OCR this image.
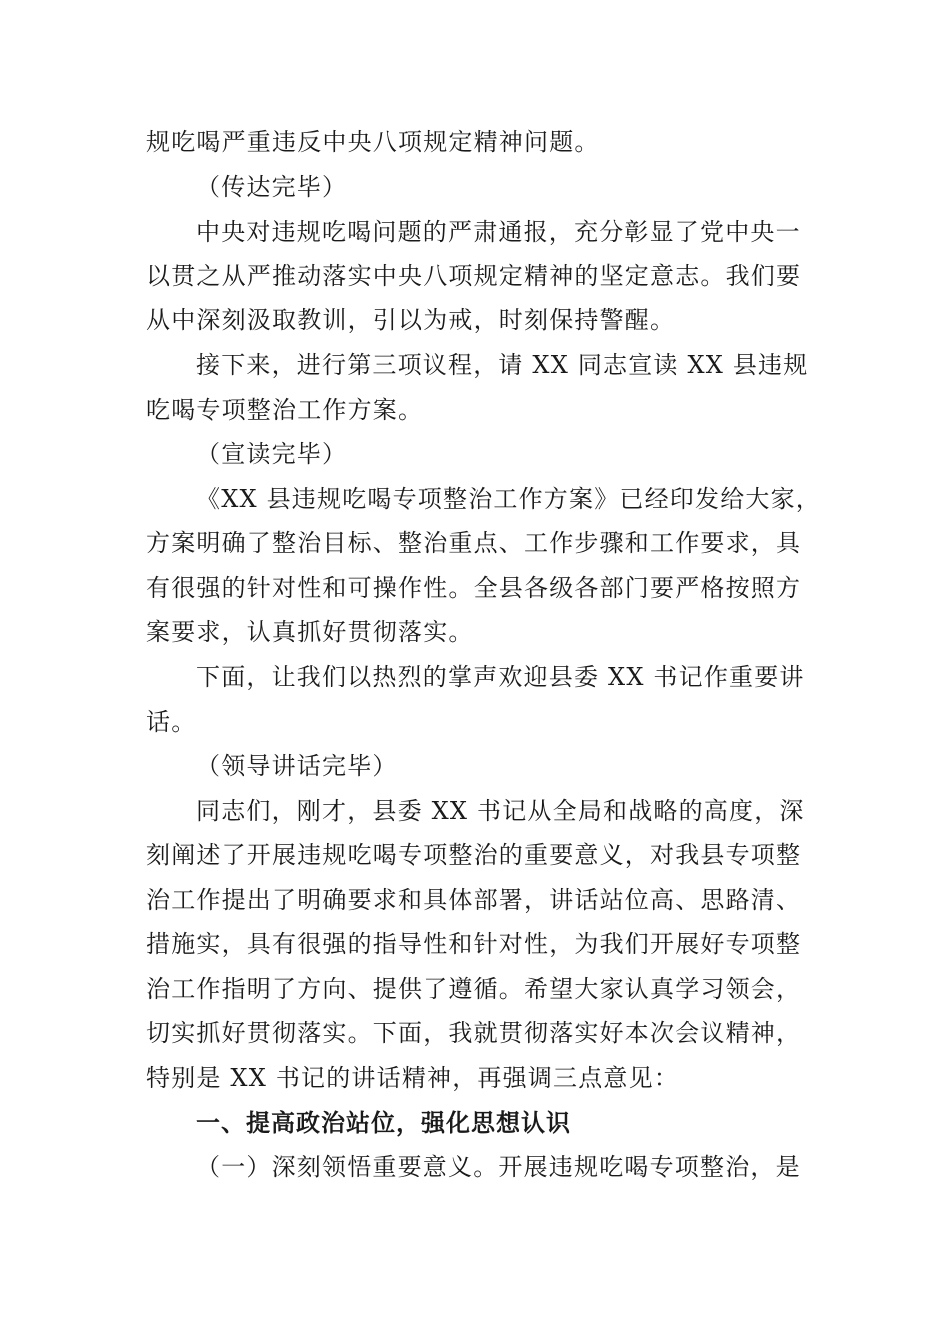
规吃喝严重违反中央八项规定精神问题。
（传达完毕）
中央对违规吃喝问题的严肃通报，充分彰显了党中央一
以贯之从严推动落实中央八项规定精神的坚定意志。我们要
从中深刻汲取教训，引以为戒，时刻保持警醒。
接下来，进行第三项议程，请 XX 同志宣读 XX 县违规
吃喝专项整治工作方案。
（宣读完毕）
《XX 县违规吃喝专项整治工作方案》已经印发给大家，
方案明确了整治目标、整治重点、工作步骤和工作要求，具
有很强的针对性和可操作性。全县各级各部门要严格按照方
案要求，认真抓好贯彻落实。
下面，让我们以热烈的掌声欢迎县委 XX 书记作重要讲
话。
（领导讲话完毕）
同志们，刚才，县委 XX 书记从全局和战略的高度，深
刻阐述了开展违规吃喝专项整治的重要意义，对我县专项整
治工作提出了明确要求和具体部署，讲话站位高、思路清、
措施实，具有很强的指导性和针对性，为我们开展好专项整
治工作指明了方向、提供了遵循。希望大家认真学习领会，
切实抓好贯彻落实。下面，我就贯彻落实好本次会议精神，
特别是 XX 书记的讲话精神，再强调三点意见：
一、提高政治站位，强化思想认识
（一）深刻领悟重要意义。开展违规吃喝专项整治，是
